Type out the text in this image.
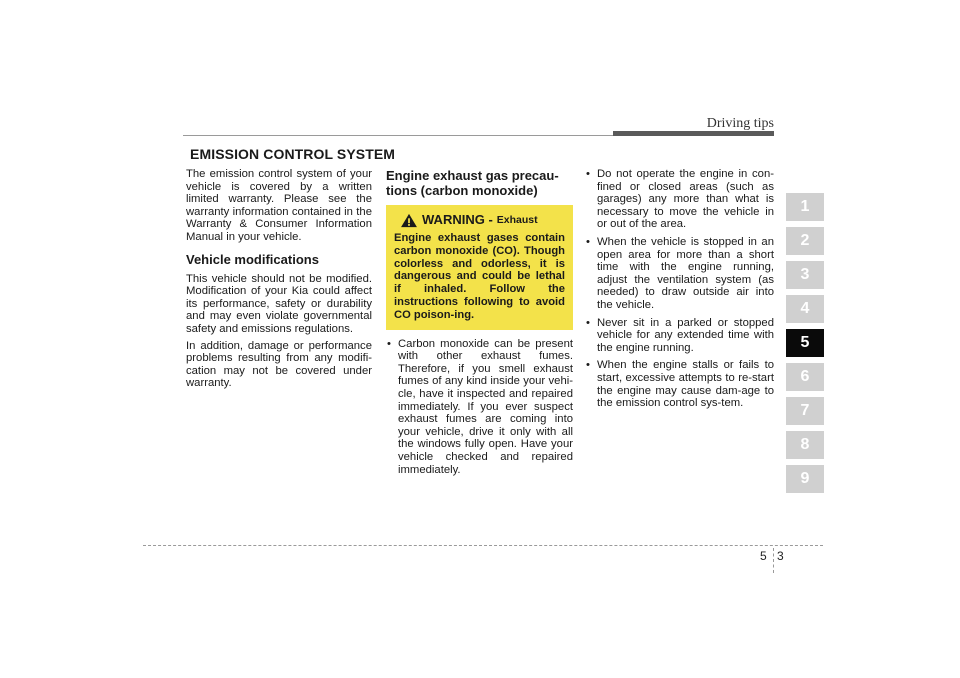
Driving tips
EMISSION CONTROL SYSTEM

The emission control system of your vehicle is covered by a written limited warranty. Please see the warranty information contained in the Warranty & Consumer Information Manual in your vehicle.

Vehicle modifications

This vehicle should not be modified. Modification of your Kia could affect its performance, safety or durability and may even violate governmental safety and emissions regulations.

In addition, damage or performance problems resulting from any modifi-cation may not be covered under warranty.

Engine exhaust gas precau-tions (carbon monoxide)

WARNING - Exhaust

Engine exhaust gases contain carbon monoxide (CO). Though colorless and odorless, it is dangerous and could be lethal if inhaled. Follow the instructions following to avoid CO poison-ing.

• Carbon monoxide can be present with other exhaust fumes. Therefore, if you smell exhaust fumes of any kind inside your vehi-cle, have it inspected and repaired immediately. If you ever suspect exhaust fumes are coming into your vehicle, drive it only with all the windows fully open. Have your vehicle checked and repaired immediately.
• Do not operate the engine in con-fined or closed areas (such as garages) any more than what is necessary to move the vehicle in or out of the area.
• When the vehicle is stopped in an open area for more than a short time with the engine running, adjust the ventilation system (as needed) to draw outside air into the vehicle.
• Never sit in a parked or stopped vehicle for any extended time with the engine running.
• When the engine stalls or fails to start, excessive attempts to re-start the engine may cause dam-age to the emission control sys-tem.
1
2
3
4
5
6
7
8
9
5 3
